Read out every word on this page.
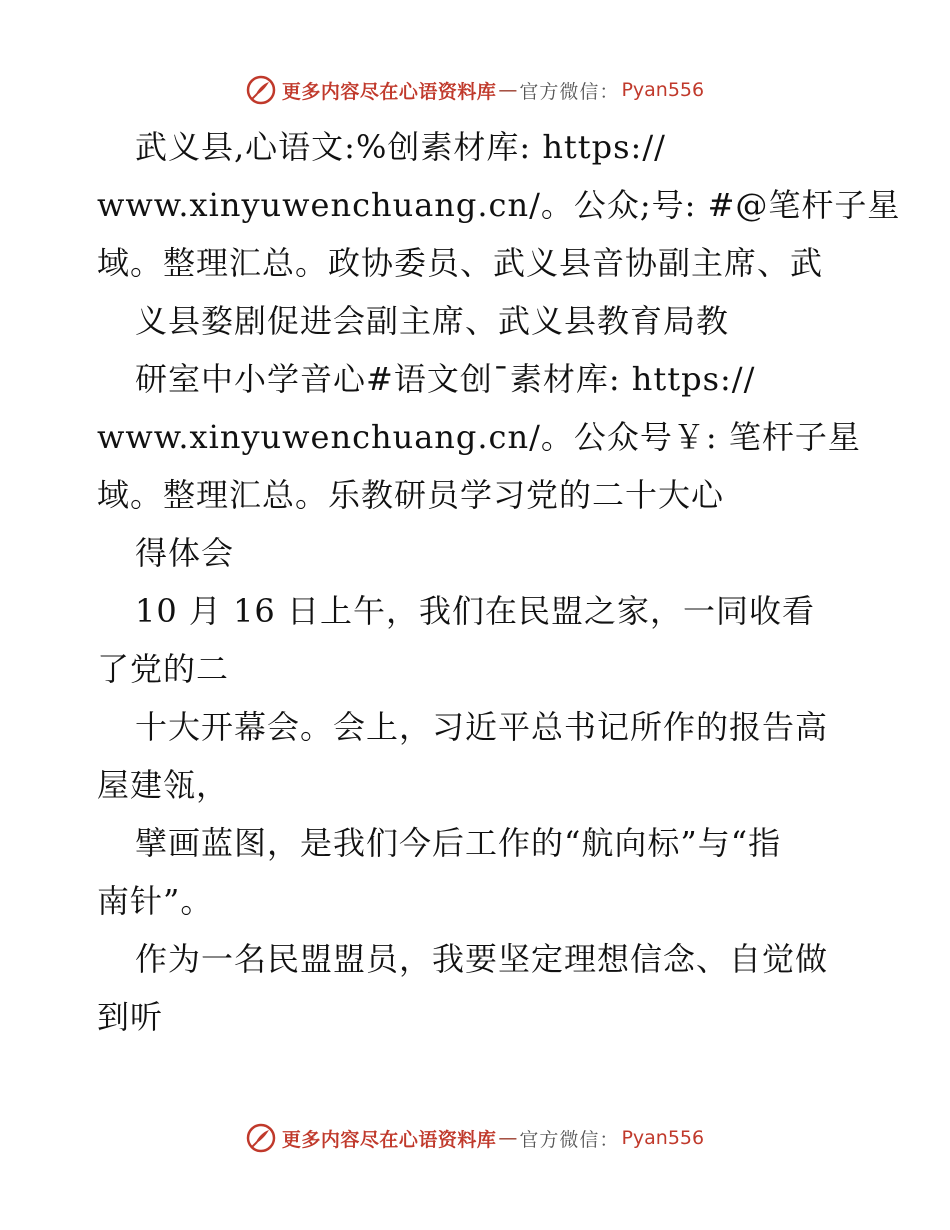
更多内容尽在心语资料库 — 官方微信： Pyan556
武义县,心语文:%创素材库: https://
www.xinyuwenchuang.cn/。公众;号: #@笔杆子星
域。整理汇总。政协委员、武义县音协副主席、武
义县婺剧促进会副主席、武义县教育局教
研室中小学音心#语文创¯素材库: https://
www.xinyuwenchuang.cn/。公众号￥: 笔杆子星
域。整理汇总。乐教研员学习党的二十大心
得体会
10 月 16 日上午，我们在民盟之家，一同收看
了党的二
十大开幕会。会上，习近平总书记所作的报告高
屋建瓴，
擘画蓝图，是我们今后工作的“航向标”与“指
南针”。
作为一名民盟盟员，我要坚定理想信念、自觉做
到听
更多内容尽在心语资料库 — 官方微信： Pyan556
